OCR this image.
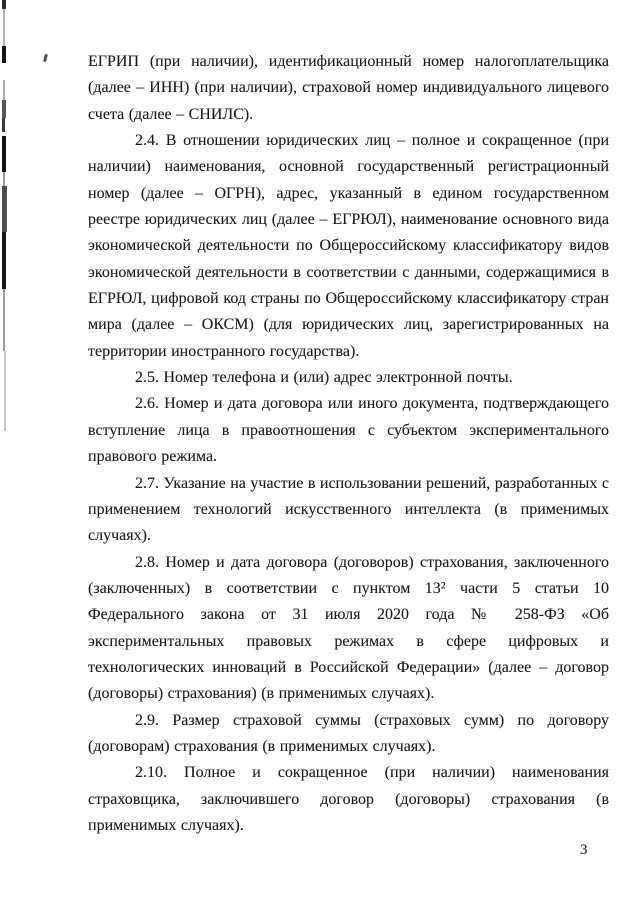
ЕГРИП (при наличии), идентификационный номер налогоплательщика (далее – ИНН) (при наличии), страховой номер индивидуального лицевого счета (далее – СНИЛС).

2.4. В отношении юридических лиц – полное и сокращенное (при наличии) наименования, основной государственный регистрационный номер (далее – ОГРН), адрес, указанный в едином государственном реестре юридических лиц (далее – ЕГРЮЛ), наименование основного вида экономической деятельности по Общероссийскому классификатору видов экономической деятельности в соответствии с данными, содержащимися в ЕГРЮЛ, цифровой код страны по Общероссийскому классификатору стран мира (далее – ОКСМ) (для юридических лиц, зарегистрированных на территории иностранного государства).

2.5. Номер телефона и (или) адрес электронной почты.

2.6. Номер и дата договора или иного документа, подтверждающего вступление лица в правоотношения с субъектом экспериментального правового режима.

2.7. Указание на участие в использовании решений, разработанных с применением технологий искусственного интеллекта (в применимых случаях).

2.8. Номер и дата договора (договоров) страхования, заключенного (заключенных) в соответствии с пунктом 13² части 5 статьи 10 Федерального закона от 31 июля 2020 года № 258-ФЗ «Об экспериментальных правовых режимах в сфере цифровых и технологических инноваций в Российской Федерации» (далее – договор (договоры) страхования) (в применимых случаях).

2.9. Размер страховой суммы (страховых сумм) по договору (договорам) страхования (в применимых случаях).

2.10. Полное и сокращенное (при наличии) наименования страховщика, заключившего договор (договоры) страхования (в применимых случаях).

3
